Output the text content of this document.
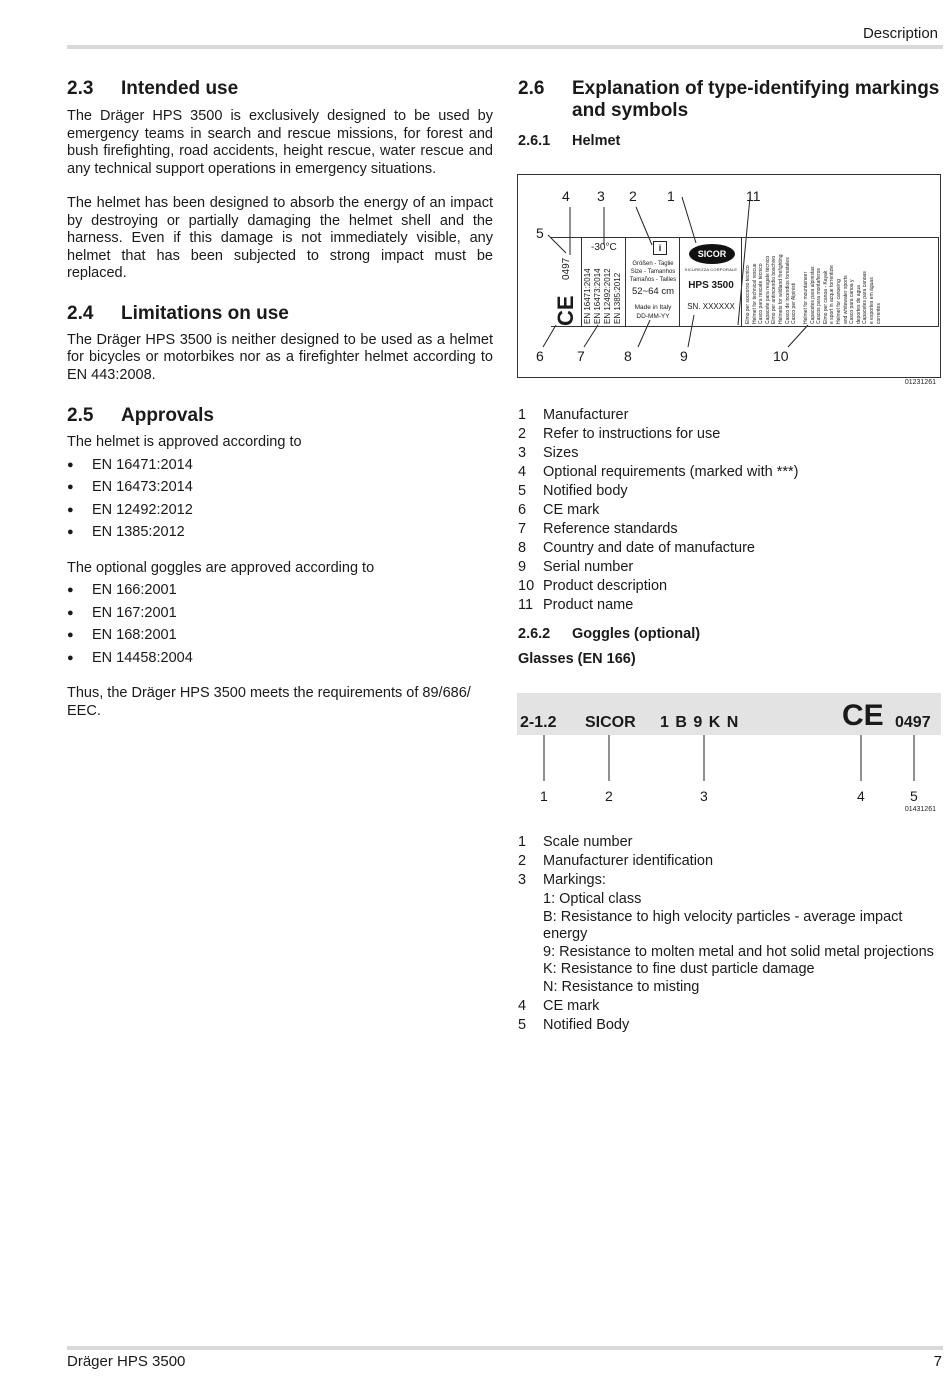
Description
2.3 Intended use
The Dräger HPS 3500 is exclusively designed to be used by emergency teams in search and rescue missions, for forest and bush firefighting, road accidents, height rescue, water rescue and any technical support operations in emergency situations.
The helmet has been designed to absorb the energy of an impact by destroying or partially damaging the helmet shell and the harness. Even if this damage is not immediately visible, any helmet that has been subjected to strong impact must be replaced.
2.4 Limitations on use
The Dräger HPS 3500 is neither designed to be used as a helmet for bicycles or motorbikes nor as a firefighter helmet according to EN 443:2008.
2.5 Approvals
The helmet is approved according to
● EN 16471:2014
● EN 16473:2014
● EN 12492:2012
● EN 1385:2012
The optional goggles are approved according to
● EN 166:2001
● EN 167:2001
● EN 168:2001
● EN 14458:2004
Thus, the Dräger HPS 3500 meets the requirements of 89/686/ EEC.
2.6	Explanation of type-identifying markings and symbols
2.6.1 Helmet
4 3 2 1	11
5
6 7	8	9	10
0497
CE EN 16471:2014 EN 16473:2014 EN 12492:2012 EN 1385:2012
-30°C	i
Größen - Taglie
Size - Tamanhos
Tamaños - Tailles
52~64 cm
Made in Italy
DD-MM-YY
SICOR
SICUREZZA CORPORALE
HPS 3500
SN. XXXXXX	Elmo per soccorso tecnico Helmet for technical rescue Casco para rescate técnico Capacete para resgate técnico Elmo per antincendio boschivo Helmets for wildland firefighting Casco de incendios forestales Casco per Alpinisti Helmet for mountaineer Capacetes para alpinistas Cascos para montañeros Elmo per canoa - Kayak e sport in acque torrentizie Helmet for canoeing and whitewater sports Casco para canoa y deportes de agua Capacetes para canoas e esportes em águas correntes
01231261
1	Manufacturer
2	Refer to instructions for use
3	Sizes
4	Optional requirements (marked with ***)
5	Notified body
6	CE mark
7	Reference standards
8	Country and date of manufacture
9	Serial number
10 Product description
11 Product name
2.6.2 Goggles (optional)
Glasses (EN 166)
2-1.2 SICOR 1 B 9 K N	CE 0497
1	2	3	4	5
01431261
1	Scale number
2	Manufacturer identification
3	Markings:
1: Optical class
B: Resistance to high velocity particles - average impact energy
9: Resistance to molten metal and hot solid metal projections
K: Resistance to fine dust particle damage
N: Resistance to misting
4	CE mark
5	Notified Body
Dräger HPS 3500	7
